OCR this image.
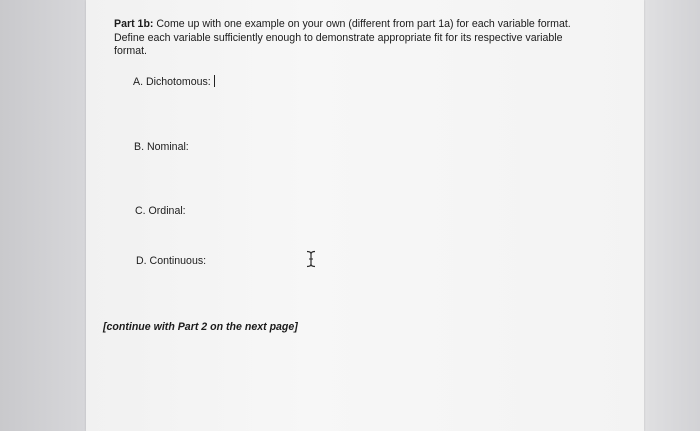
Part 1b: Come up with one example on your own (different from part 1a) for each variable format. Define each variable sufficiently enough to demonstrate appropriate fit for its respective variable format.

A. Dichotomous:
B. Nominal:
C. Ordinal:
D. Continuous:
[continue with Part 2 on the next page]
